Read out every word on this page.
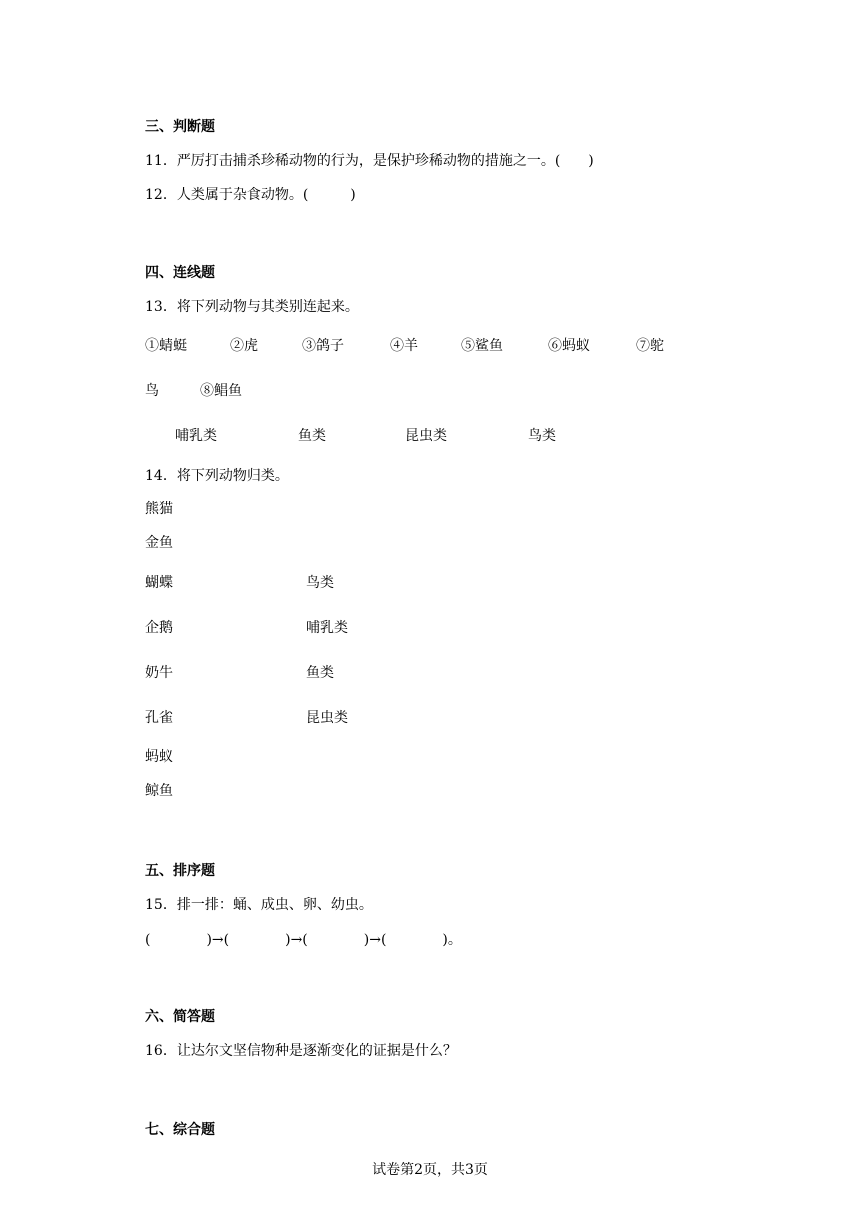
三、判断题
11．严厉打击捕杀珍稀动物的行为，是保护珍稀动物的措施之一。(　　)
12．人类属于杂食动物。(　　　)
四、连线题
13．将下列动物与其类别连起来。
①蜻蜓	②虎	③鸽子	④羊	⑤鲨鱼	⑥蚂蚁	⑦鸵
鸟	⑧鲳鱼
哺乳类	鱼类	昆虫类	鸟类
14．将下列动物归类。
熊猫
金鱼
蝴蝶
企鹅
奶牛
孔雀
蚂蚁
鲸鱼
鸟类
哺乳类
鱼类
昆虫类
五、排序题
15．排一排：蛹、成虫、卵、幼虫。
(　　　　)→(　　　　)→(　　　　)→(　　　　)。
六、简答题
16．让达尔文坚信物种是逐渐变化的证据是什么？
七、综合题
试卷第2页，共3页
